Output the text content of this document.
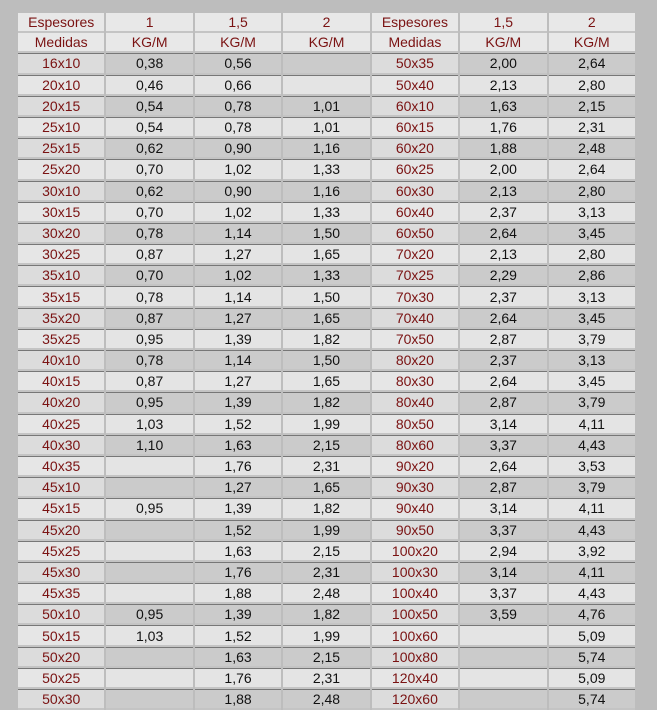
Espesores	1	1,5	2	Espesores	1,5	2
Medidas	KG/M	KG/M	KG/M	Medidas	KG/M	KG/M
16x10	0,38	0,56		50x35	2,00	2,64
20x10	0,46	0,66		50x40	2,13	2,80
20x15	0,54	0,78	1,01	60x10	1,63	2,15
25x10	0,54	0,78	1,01	60x15	1,76	2,31
25x15	0,62	0,90	1,16	60x20	1,88	2,48
25x20	0,70	1,02	1,33	60x25	2,00	2,64
30x10	0,62	0,90	1,16	60x30	2,13	2,80
30x15	0,70	1,02	1,33	60x40	2,37	3,13
30x20	0,78	1,14	1,50	60x50	2,64	3,45
30x25	0,87	1,27	1,65	70x20	2,13	2,80
35x10	0,70	1,02	1,33	70x25	2,29	2,86
35x15	0,78	1,14	1,50	70x30	2,37	3,13
35x20	0,87	1,27	1,65	70x40	2,64	3,45
35x25	0,95	1,39	1,82	70x50	2,87	3,79
40x10	0,78	1,14	1,50	80x20	2,37	3,13
40x15	0,87	1,27	1,65	80x30	2,64	3,45
40x20	0,95	1,39	1,82	80x40	2,87	3,79
40x25	1,03	1,52	1,99	80x50	3,14	4,11
40x30	1,10	1,63	2,15	80x60	3,37	4,43
40x35		1,76	2,31	90x20	2,64	3,53
45x10		1,27	1,65	90x30	2,87	3,79
45x15	0,95	1,39	1,82	90x40	3,14	4,11
45x20		1,52	1,99	90x50	3,37	4,43
45x25		1,63	2,15	100x20	2,94	3,92
45x30		1,76	2,31	100x30	3,14	4,11
45x35		1,88	2,48	100x40	3,37	4,43
50x10	0,95	1,39	1,82	100x50	3,59	4,76
50x15	1,03	1,52	1,99	100x60		5,09
50x20		1,63	2,15	100x80		5,74
50x25		1,76	2,31	120x40		5,09
50x30		1,88	2,48	120x60		5,74
